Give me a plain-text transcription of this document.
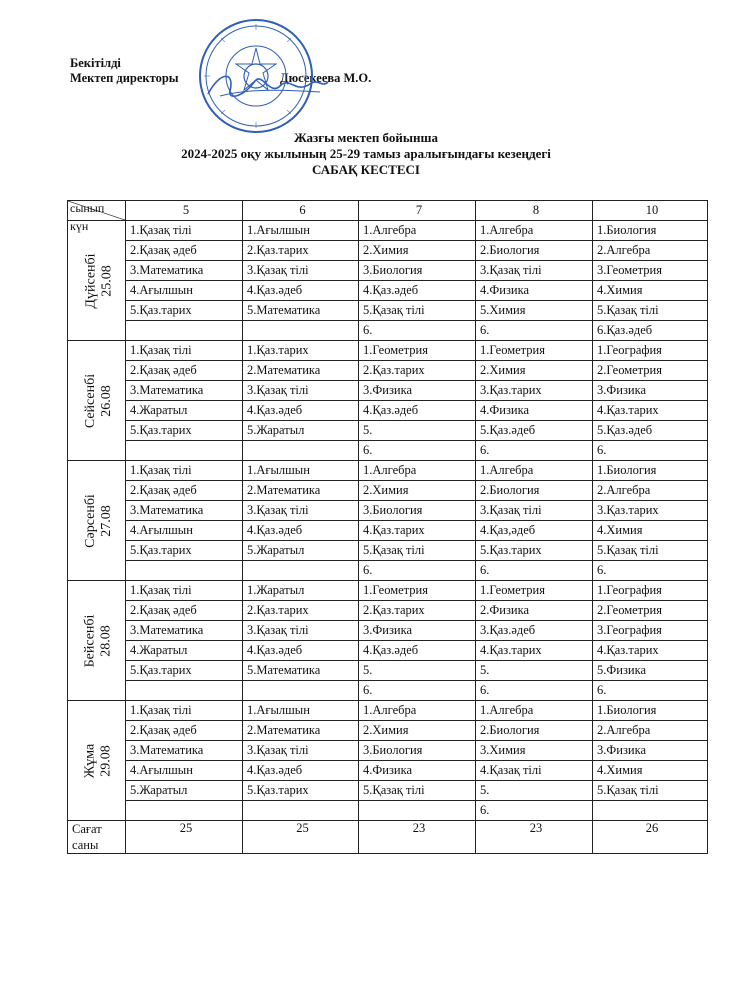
Бекітілді
Мектеп директоры	Дюсекеева М.О.
Жазғы мектеп бойынша
2024-2025 оқу жылының 25-29 тамыз аралығындағы кезеңдегі
САБАҚ КЕСТЕСІ
сынып
күн	5	6	7	8	10

Дүйсенбі 25.08	1.Қазақ тілі	1.Ағылшын	1.Алгебра	1.Алгебра	1.Биология
	2.Қазақ әдеб	2.Қаз.тарих	2.Химия	2.Биология	2.Алгебра
	3.Математика	3.Қазақ тілі	3.Биология	3.Қазақ тілі	3.Геометрия
	4.Ағылшын	4.Қаз.әдеб	4.Қаз.әдеб	4.Физика	4.Химия
	5.Қаз.тарих	5.Математика	5.Қазақ тілі	5.Химия	5.Қазақ тілі
			6.	6.	6.Қаз.әдеб

Сейсенбі 26.08	1.Қазақ тілі	1.Қаз.тарих	1.Геометрия	1.Геометрия	1.География
	2.Қазақ әдеб	2.Математика	2.Қаз.тарих	2.Химия	2.Геометрия
	3.Математика	3.Қазақ тілі	3.Физика	3.Қаз.тарих	3.Физика
	4.Жаратыл	4.Қаз.әдеб	4.Қаз.әдеб	4.Физика	4.Қаз.тарих
	5.Қаз.тарих	5.Жаратыл	5.	5.Қаз.әдеб	5.Қаз.әдеб
			6.	6.	6.

Сәрсенбі 27.08	1.Қазақ тілі	1.Ағылшын	1.Алгебра	1.Алгебра	1.Биология
	2.Қазақ әдеб	2.Математика	2.Химия	2.Биология	2.Алгебра
	3.Математика	3.Қазақ тілі	3.Биология	3.Қазақ тілі	3.Қаз.тарих
	4.Ағылшын	4.Қаз.әдеб	4.Қаз.тарих	4.Қаз,әдеб	4.Химия
	5.Қаз.тарих	5.Жаратыл	5.Қазақ тілі	5.Қаз.тарих	5.Қазақ тілі
			6.	6.	6.

Бейсенбі 28.08	1.Қазақ тілі	1.Жаратыл	1.Геометрия	1.Геометрия	1.География
	2.Қазақ әдеб	2.Қаз.тарих	2.Қаз.тарих	2.Физика	2.Геометрия
	3.Математика	3.Қазақ тілі	3.Физика	3.Қаз.әдеб	3.География
	4.Жаратыл	4.Қаз.әдеб	4.Қаз.әдеб	4.Қаз.тарих	4.Қаз.тарих
	5.Қаз.тарих	5.Математика	5.	5.	5.Физика
			6.	6.	6.

Жұма 29.08	1.Қазақ тілі	1.Ағылшын	1.Алгебра	1.Алгебра	1.Биология
	2.Қазақ әдеб	2.Математика	2.Химия	2.Биология	2.Алгебра
	3.Математика	3.Қазақ тілі	3.Биология	3.Химия	3.Физика
	4.Ағылшын	4.Қаз.әдеб	4.Физика	4.Қазақ тілі	4.Химия
	5.Жаратыл	5.Қаз.тарих	5.Қазақ тілі	5.	5.Қазақ тілі
				6.	
Сағат саны	25	25	23	23	26
